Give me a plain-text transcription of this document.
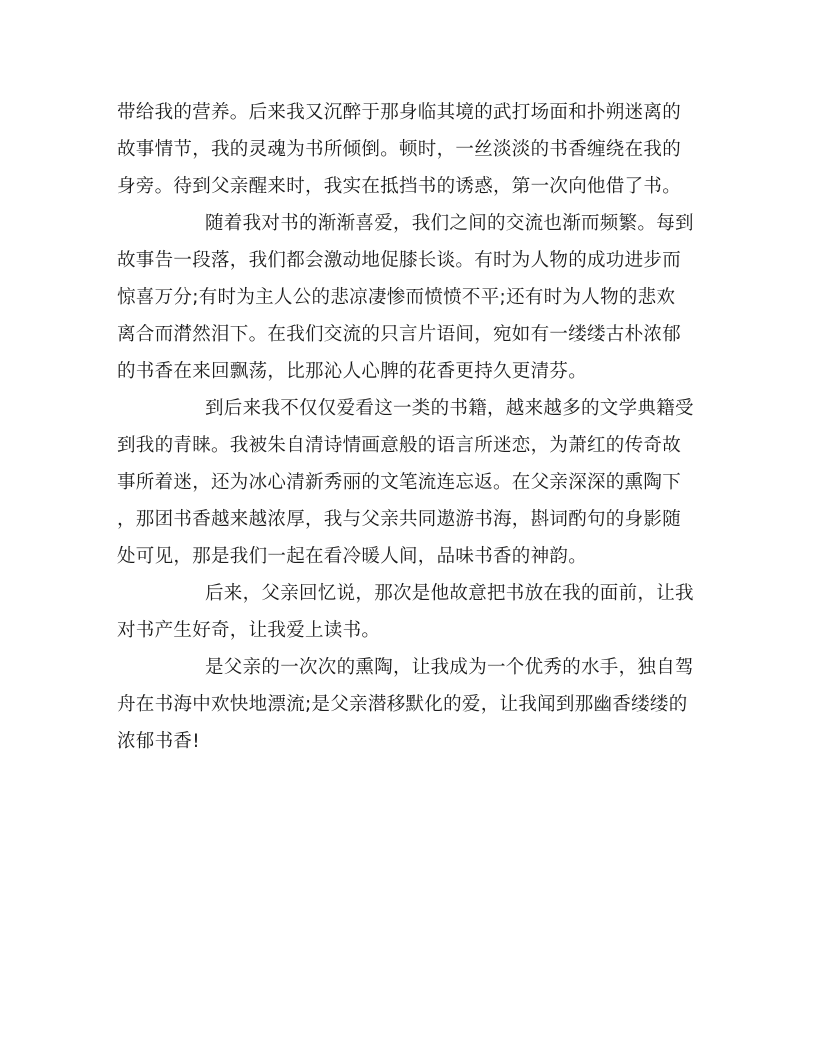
带给我的营养。后来我又沉醉于那身临其境的武打场面和扑朔迷离的
故事情节，我的灵魂为书所倾倒。顿时，一丝淡淡的书香缠绕在我的
身旁。待到父亲醒来时，我实在抵挡书的诱惑，第一次向他借了书。
随着我对书的渐渐喜爱，我们之间的交流也渐而频繁。每到
故事告一段落，我们都会激动地促膝长谈。有时为人物的成功进步而
惊喜万分;有时为主人公的悲凉凄惨而愤愤不平;还有时为人物的悲欢
离合而潸然泪下。在我们交流的只言片语间，宛如有一缕缕古朴浓郁
的书香在来回飘荡，比那沁人心脾的花香更持久更清芬。
到后来我不仅仅爱看这一类的书籍，越来越多的文学典籍受
到我的青睐。我被朱自清诗情画意般的语言所迷恋，为萧红的传奇故
事所着迷，还为冰心清新秀丽的文笔流连忘返。在父亲深深的熏陶下
，那团书香越来越浓厚，我与父亲共同遨游书海，斟词酌句的身影随
处可见，那是我们一起在看冷暖人间，品味书香的神韵。
后来，父亲回忆说，那次是他故意把书放在我的面前，让我
对书产生好奇，让我爱上读书。
是父亲的一次次的熏陶，让我成为一个优秀的水手，独自驾
舟在书海中欢快地漂流;是父亲潜移默化的爱，让我闻到那幽香缕缕的
浓郁书香!
